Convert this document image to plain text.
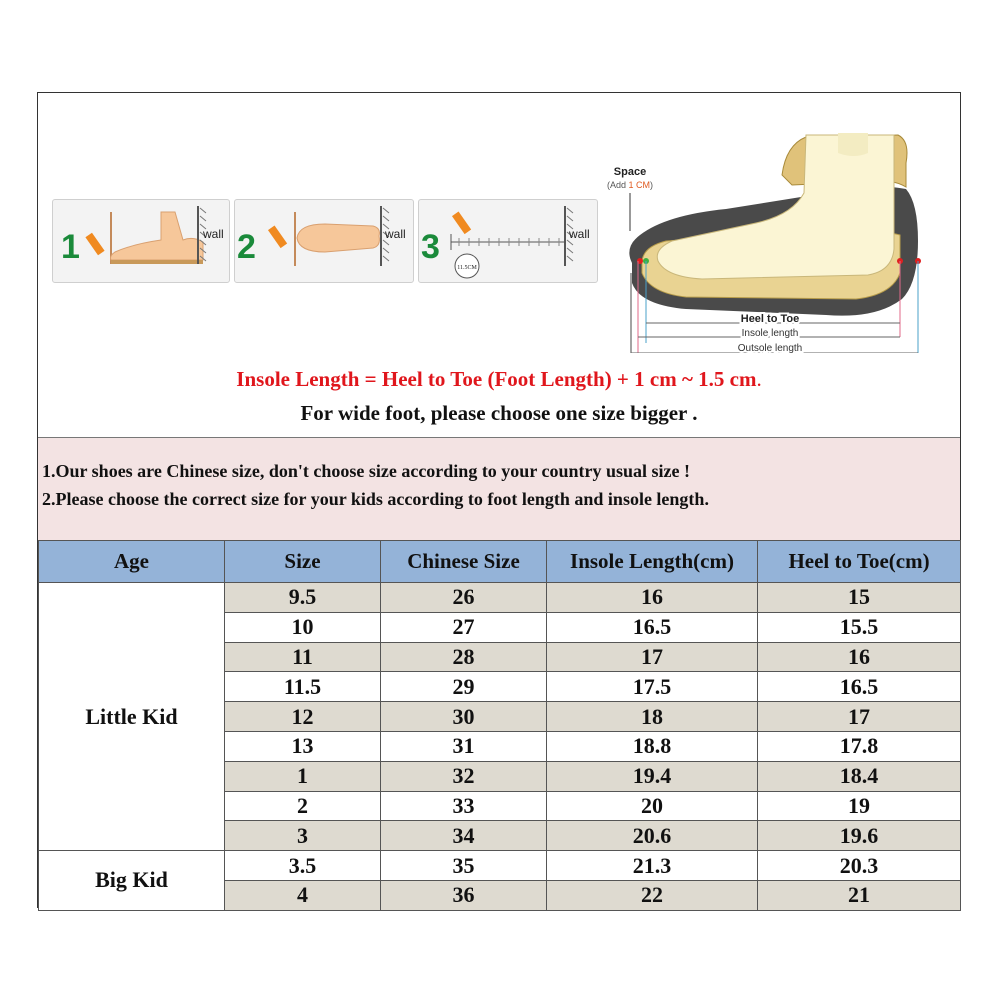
1	wall 2	wall 3	wall
11.5CM
Space
(Add 1 CM)
Heel to Toe
Insole length
Outsole length
Insole Length = Heel to Toe (Foot Length) + 1 cm ~ 1.5 cm.
For wide foot, please choose one size bigger .

1.Our shoes are Chinese size, don't choose size according to your country usual size !

2.Please choose the correct size for your kids according to foot length and insole length.

Age	Size	Chinese Size	Insole Length(cm)	Heel to Toe(cm)
Little Kid	9.5	26	16	15
	10	27	16.5	15.5
	11	28	17	16
	11.5	29	17.5	16.5
	12	30	18	17
	13	31	18.8	17.8
	1	32	19.4	18.4
	2	33	20	19
	3	34	20.6	19.6
Big Kid	3.5	35	21.3	20.3
	4	36	22	21
